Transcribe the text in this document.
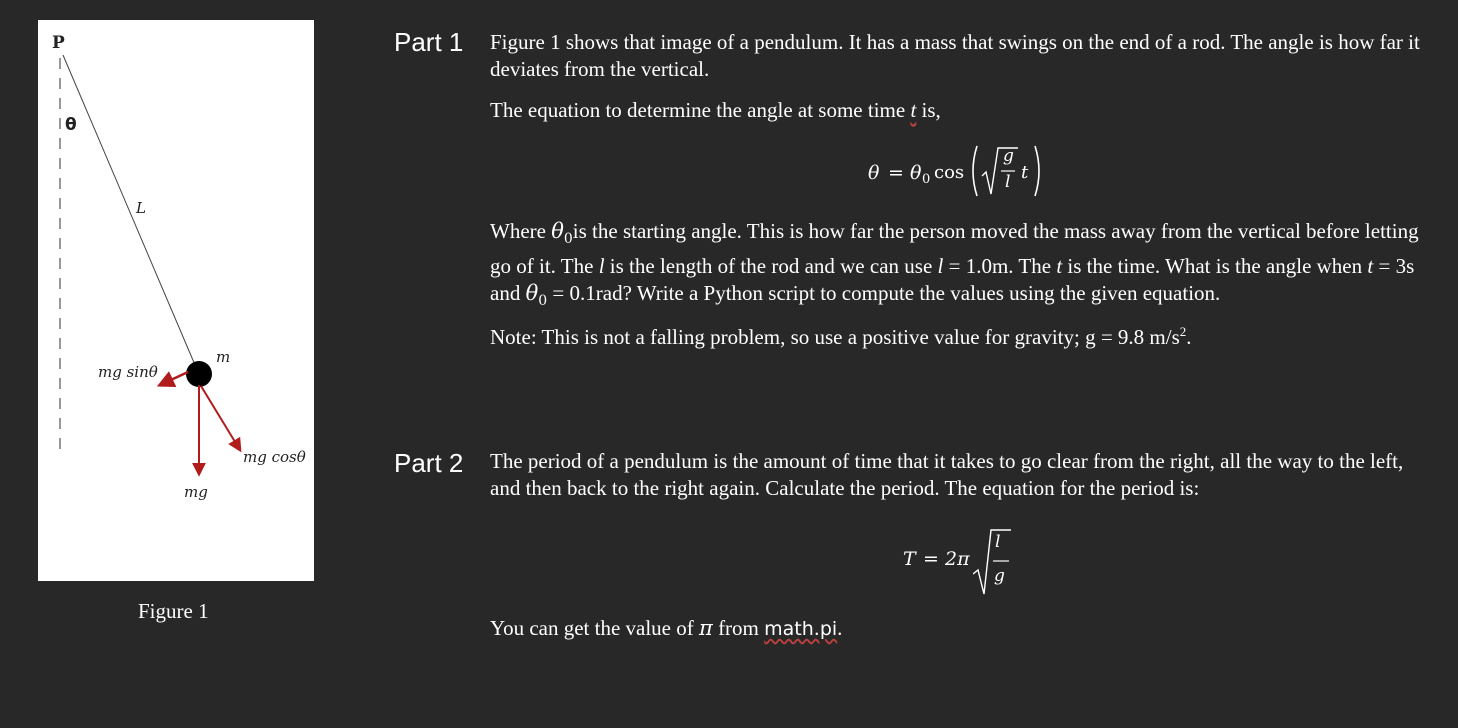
P
θ
L
m
mg sinθ
mg cosθ
mg
Figure 1
Part 1 Figure 1 shows that image of a pendulum. It has a mass that swings on the end of a rod. The angle is how far it deviates from the vertical.
The equation to determine the angle at some time t is,
θ = θ 0 cos
g
l t
Where $\theta_0is$ the starting angle. This is how far the person moved the mass away from the vertical before letting go of it. The l is the length of the rod and we can use l = 1.0m. The t is the time. What is the angle when t = 3s and $\theta_0 = 0.1rad$? Write a Python script to compute the values using the given equation.
Note: This is not a falling problem, so use a positive value for gravity; g = 9.8 $m/s^2$.
Part 2 The period of a pendulum is the amount of time that it takes to go clear from the right, all the way to the left, and then back to the right again. Calculate the period. The equation for the period is:
T = 2π
l
g
You can get the value of π from math.pi.
